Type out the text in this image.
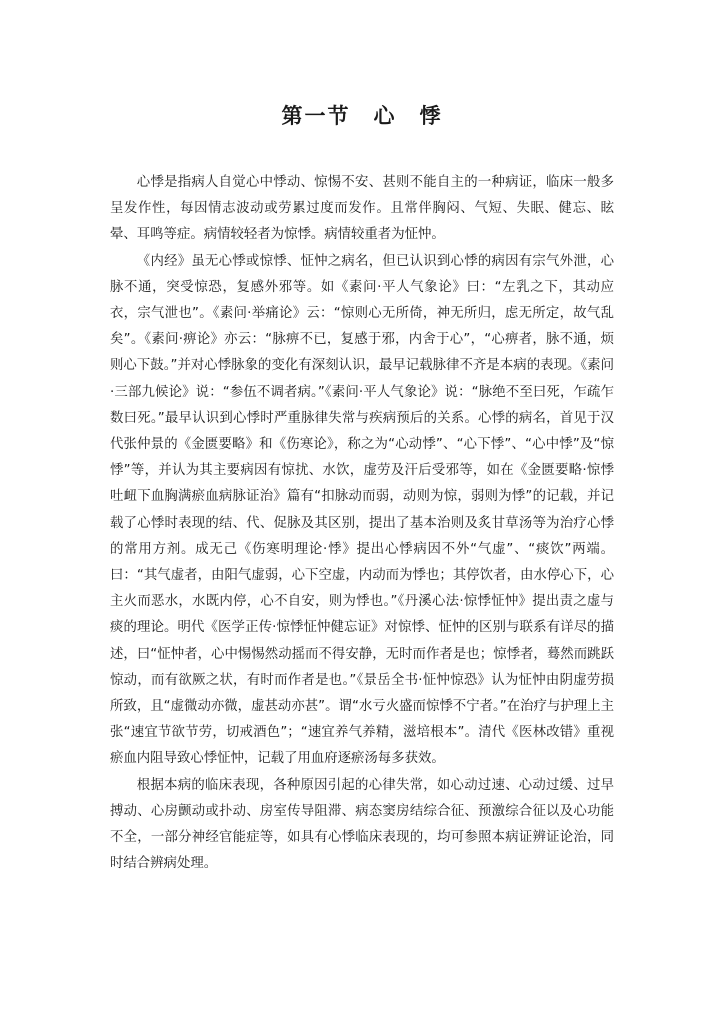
第一节　心　悸

心悸是指病人自觉心中悸动、惊惕不安、甚则不能自主的一种病证，临床一般多呈发作性，每因情志波动或劳累过度而发作。且常伴胸闷、气短、失眠、健忘、眩晕、耳鸣等症。病情较轻者为惊悸。病情较重者为怔忡。

《内经》虽无心悸或惊悸、怔忡之病名，但已认识到心悸的病因有宗气外泄，心脉不通，突受惊恐，复感外邪等。如《素问·平人气象论》曰：“左乳之下，其动应衣，宗气泄也”。《素问·举痛论》云：“惊则心无所倚，神无所归，虑无所定，故气乱矣”。《素问·痹论》亦云：“脉痹不已，复感于邪，内舍于心”，“心痹者，脉不通，烦则心下鼓。”并对心悸脉象的变化有深刻认识，最早记载脉律不齐是本病的表现。《素问·三部九候论》说：“参伍不调者病。”《素问·平人气象论》说：“脉绝不至曰死，乍疏乍数曰死。”最早认识到心悸时严重脉律失常与疾病预后的关系。心悸的病名，首见于汉代张仲景的《金匮要略》和《伤寒论》，称之为“心动悸”、“心下悸”、“心中悸”及“惊悸”等，并认为其主要病因有惊扰、水饮，虚劳及汗后受邪等，如在《金匮要略·惊悸吐衄下血胸满瘀血病脉证治》篇有“扣脉动而弱，动则为惊，弱则为悸”的记载，并记载了心悸时表现的结、代、促脉及其区别，提出了基本治则及炙甘草汤等为治疗心悸的常用方剂。成无己《伤寒明理论·悸》提出心悸病因不外“气虚”、“痰饮”两端。曰：“其气虚者，由阳气虚弱，心下空虚，内动而为悸也；其停饮者，由水停心下，心主火而恶水，水既内停，心不自安，则为悸也。”《丹溪心法·惊悸怔忡》提出责之虚与痰的理论。明代《医学正传·惊悸怔忡健忘证》对惊悸、怔忡的区别与联系有详尽的描述，曰“怔忡者，心中惕惕然动摇而不得安静，无时而作者是也；惊悸者，蓦然而跳跃惊动，而有欲厥之状，有时而作者是也。”《景岳全书·怔忡惊恐》认为怔忡由阴虚劳损所致，且“虚微动亦微，虚甚动亦甚”。谓“水亏火盛而惊悸不宁者。”在治疗与护理上主张“速宜节欲节劳，切戒酒色”；“速宜养气养精，滋培根本”。清代《医林改错》重视瘀血内阻导致心悸怔忡，记载了用血府逐瘀汤每多获效。

根据本病的临床表现，各种原因引起的心律失常，如心动过速、心动过缓、过早搏动、心房颤动或扑动、房室传导阻滞、病态窦房结综合征、预激综合征以及心功能不全，一部分神经官能症等，如具有心悸临床表现的，均可参照本病证辨证论治，同时结合辨病处理。
